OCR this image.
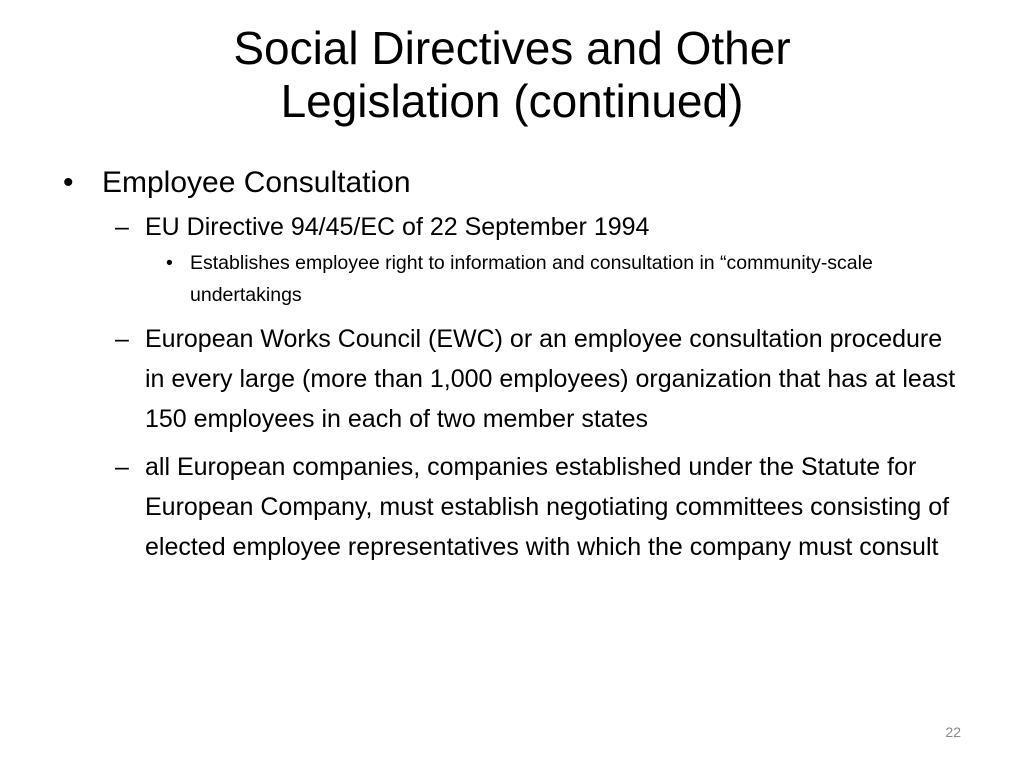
Social Directives and Other
Legislation (continued)

• Employee Consultation

– EU Directive 94/45/EC of 22 September 1994

• Establishes employee right to information and consultation in “community-scale undertakings

– European Works Council (EWC) or an employee consultation procedure in every large (more than 1,000 employees) organization that has at least 150 employees in each of two member states

– all European companies, companies established under the Statute for European Company, must establish negotiating committees consisting of elected employee representatives with which the company must consult

22
